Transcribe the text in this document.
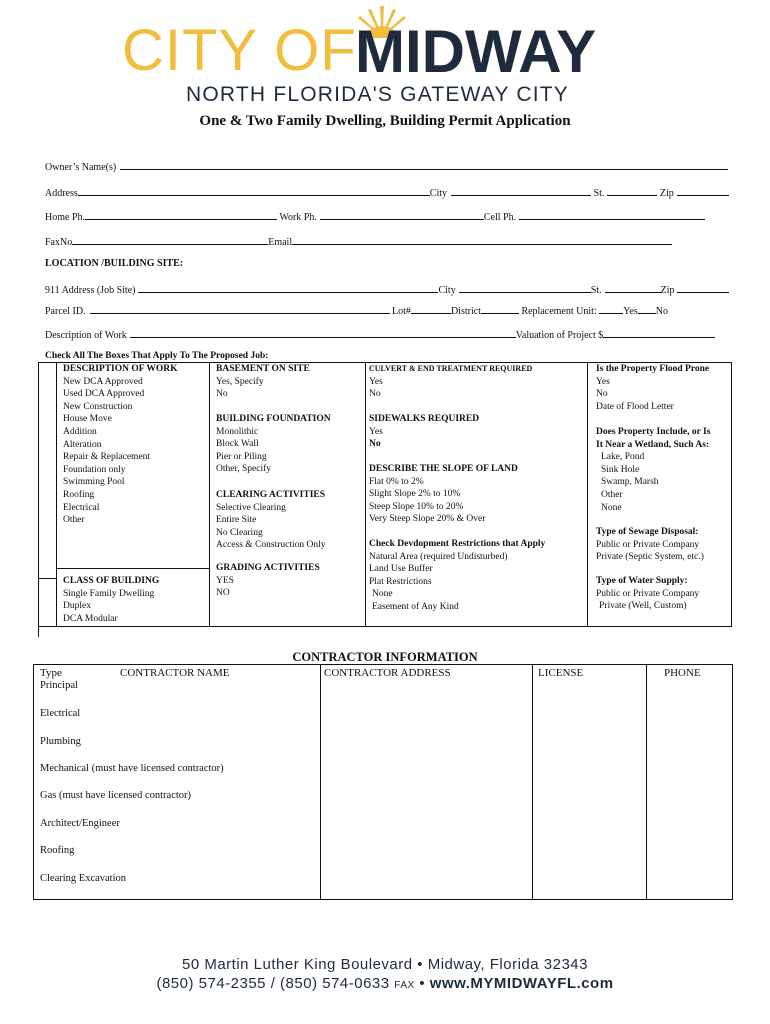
CITY OF
MIDWAY
NORTH FLORIDA'S GATEWAY CITY
One & Two Family Dwelling, Building Permit Application
Owner’s Name(s)
Address	City	St.	Zip
Home Ph.	Work Ph.	Cell Ph.
FaxNo	Email
LOCATION /BUILDING SITE:
911 Address (Job Site)	City	St.	Zip
Parcel ID.	Lot#	District	Replacement Unit:	Yes No
Description of Work	Valuation of Project $
Check All The Boxes That Apply To The Proposed Job:
DESCRIPTION OF WORK
New DCA Approved
Used DCA Approved
New Construction
House Move
Addition
Alteration
Repair & Replacement
Foundation only
Swimming Pool
Roofing
Electrical
Other
CLASS OF BUILDING
Single Family Dwelling
Duplex
DCA Modular
BASEMENT ON SITE
Yes, Specify
No
BUILDING FOUNDATION
Monolithic
Block Wall
Pier or Piling
Other, Specify
CLEARING ACTIVITIES
Selective Clearing
Entire Site
No Clearing
Access & Construction Only
GRADING ACTIVITIES
YES
NO
CULVERT & END TREATMENT REQUIRED
Yes
No
SIDEWALKS REQUIRED
Yes
No
DESCRIBE THE SLOPE OF LAND
Flat 0% to 2%
Slight Slope 2% to 10%
Steep Slope 10% to 20%
Very Steep Slope 20% & Over
Check Devdopment Restrictions that Apply
Natural Area (required Undisturbed)
Land Use Buffer
Plat Restrictions
None
Easement of Any Kind
Is the Property Flood Prone
Yes
No
Date of Flood Letter
Does Property Include, or Is
It Near a Wetland, Such As:
Lake, Pond
Sink Hole
Swamp, Marsh
Other
None
Type of Sewage Disposal:
Public or Private Company
Private (Septic System, etc.)
Type of Water Supply:
Public or Private Company
Private (Well, Custom)
CONTRACTOR INFORMATION
Type	CONTRACTOR NAME	CONTRACTOR ADDRESS	LICENSE	PHONE
Principal
Electrical
Plumbing
Mechanical (must have licensed contractor)
Gas (must have licensed contractor)
Architect/Engineer
Roofing
Clearing Excavation
50 Martin Luther King Boulevard • Midway, Florida 32343
(850) 574-2355 / (850) 574-0633 FAX • www.MYMIDWAYFL.com
